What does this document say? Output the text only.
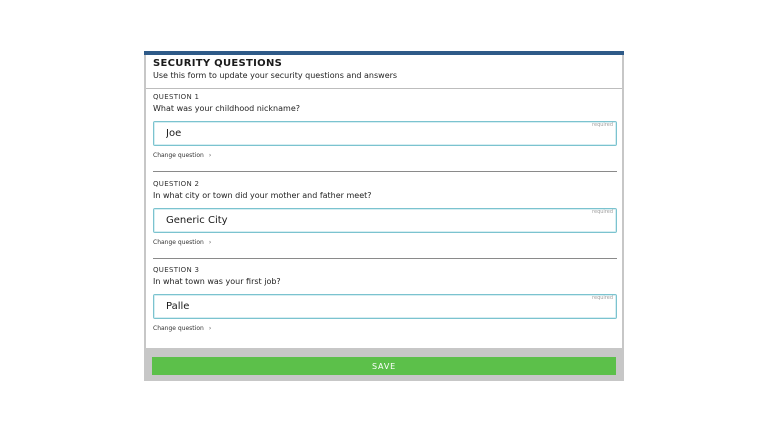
SECURITY QUESTIONS
Use this form to update your security questions and answers
QUESTION 1
What was your childhood nickname?
Joe
required
Change question ›
QUESTION 2
In what city or town did your mother and father meet?
Generic City
required
Change question ›
QUESTION 3
In what town was your first job?
Palle
required
Change question ›
SAVE
